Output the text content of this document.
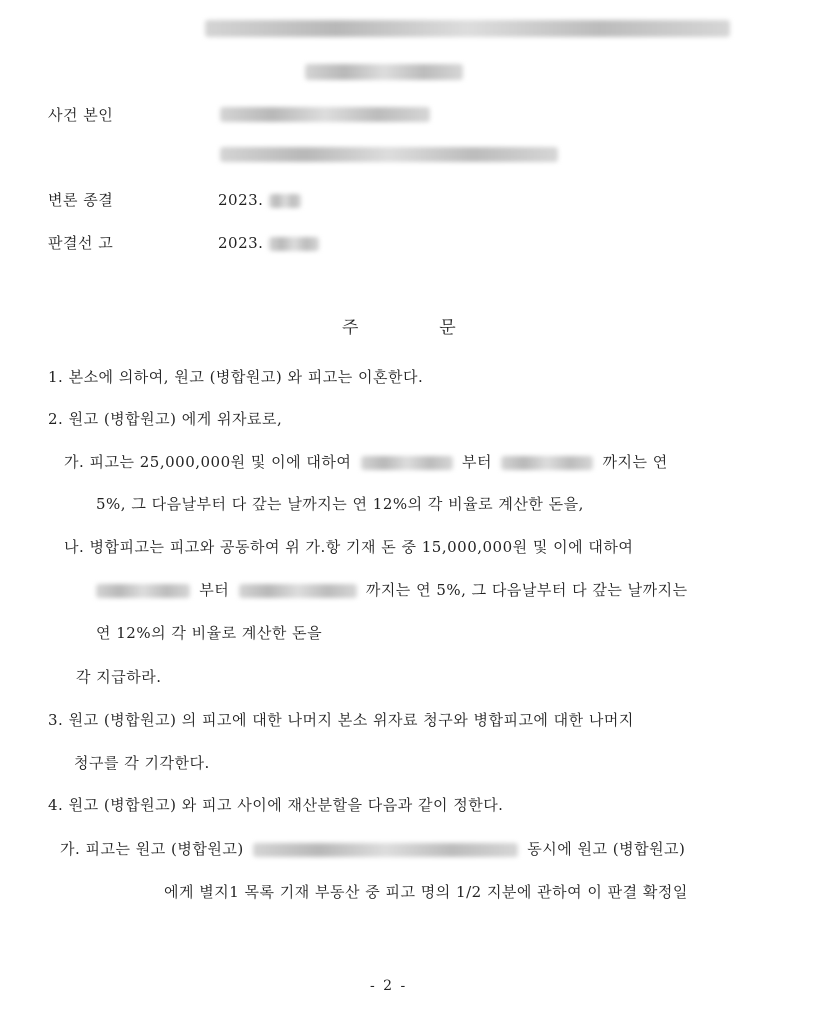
사건 본인
변론 종결	2023.
판결선 고	2023.
주	문
1. 본소에 의하여, 원고 (병합원고) 와 피고는 이혼한다.
2. 원고 (병합원고) 에게 위자료로,
가. 피고는 25,000,000원 및 이에 대하여	부터	까지는 연
5%, 그 다음날부터 다 갚는 날까지는 연 12%의 각 비율로 계산한 돈을,
나. 병합피고는 피고와 공동하여 위 가.항 기재 돈 중 15,000,000원 및 이에 대하여
부터	까지는 연 5%, 그 다음날부터 다 갚는 날까지는
연 12%의 각 비율로 계산한 돈을
각 지급하라.
3. 원고 (병합원고) 의 피고에 대한 나머지 본소 위자료 청구와 병합피고에 대한 나머지
청구를 각 기각한다.
4. 원고 (병합원고) 와 피고 사이에 재산분할을 다음과 같이 정한다.
가. 피고는 원고 (병합원고)	동시에 원고 (병합원고)
에게 별지1 목록 기재 부동산 중 피고 명의 1/2 지분에 관하여 이 판결 확정일
- 2 -
